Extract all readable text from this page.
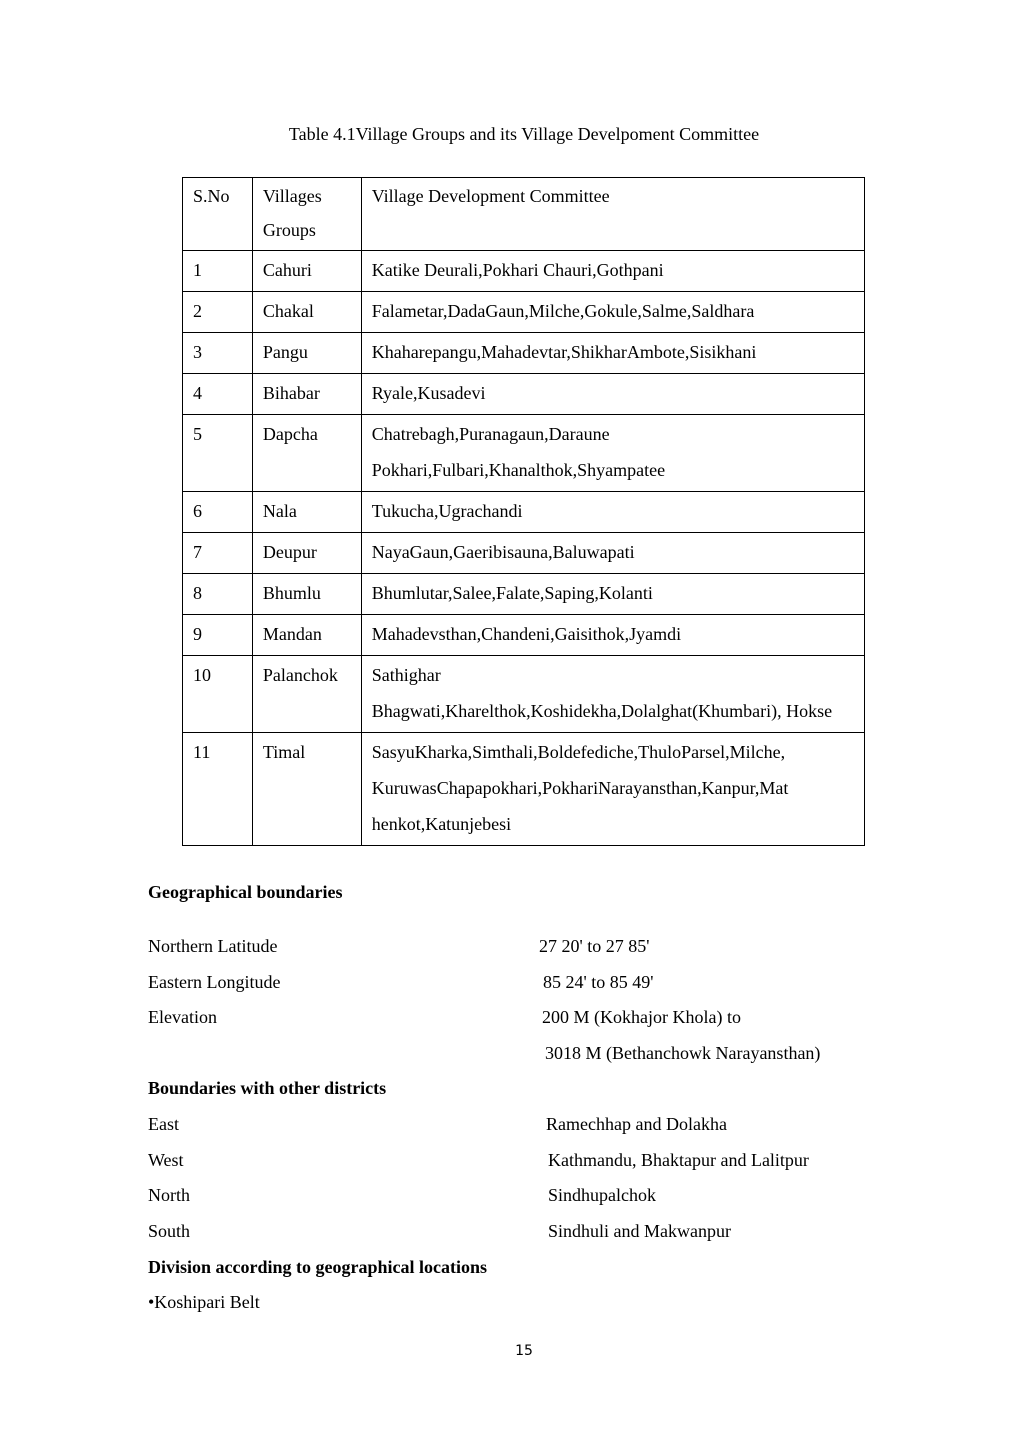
Table 4.1Village Groups and its Village Develpoment Committee
S.No	Villages Groups	Village Development Committee
1	Cahuri	Katike Deurali,Pokhari Chauri,Gothpani
2	Chakal	Falametar,DadaGaun,Milche,Gokule,Salme,Saldhara
3	Pangu	Khaharepangu,Mahadevtar,ShikharAmbote,Sisikhani
4	Bihabar	Ryale,Kusadevi
5	Dapcha	Chatrebagh,Puranagaun,Daraune Pokhari,Fulbari,Khanalthok,Shyampatee
6	Nala	Tukucha,Ugrachandi
7	Deupur	NayaGaun,Gaeribisauna,Baluwapati
8	Bhumlu	Bhumlutar,Salee,Falate,Saping,Kolanti
9	Mandan	Mahadevsthan,Chandeni,Gaisithok,Jyamdi
10	Palanchok	Sathighar Bhagwati,Kharelthok,Koshidekha,Dolalghat(Khumbari), Hokse
11	Timal	SasyuKharka,Simthali,Boldefediche,ThuloParsel,Milche, KuruwasChapapokhari,PokhariNarayansthan,Kanpur,Mat henkot,Katunjebesi
Geographical boundaries
Northern Latitude	27 20' to 27 85'
Eastern Longitude	85 24' to 85 49'
Elevation	200 M (Kokhajor Khola) to
3018 M (Bethanchowk Narayansthan)
Boundaries with other districts
East	Ramechhap and Dolakha
West	Kathmandu, Bhaktapur and Lalitpur
North	Sindhupalchok
South	Sindhuli and Makwanpur
Division according to geographical locations
•Koshipari Belt
15
